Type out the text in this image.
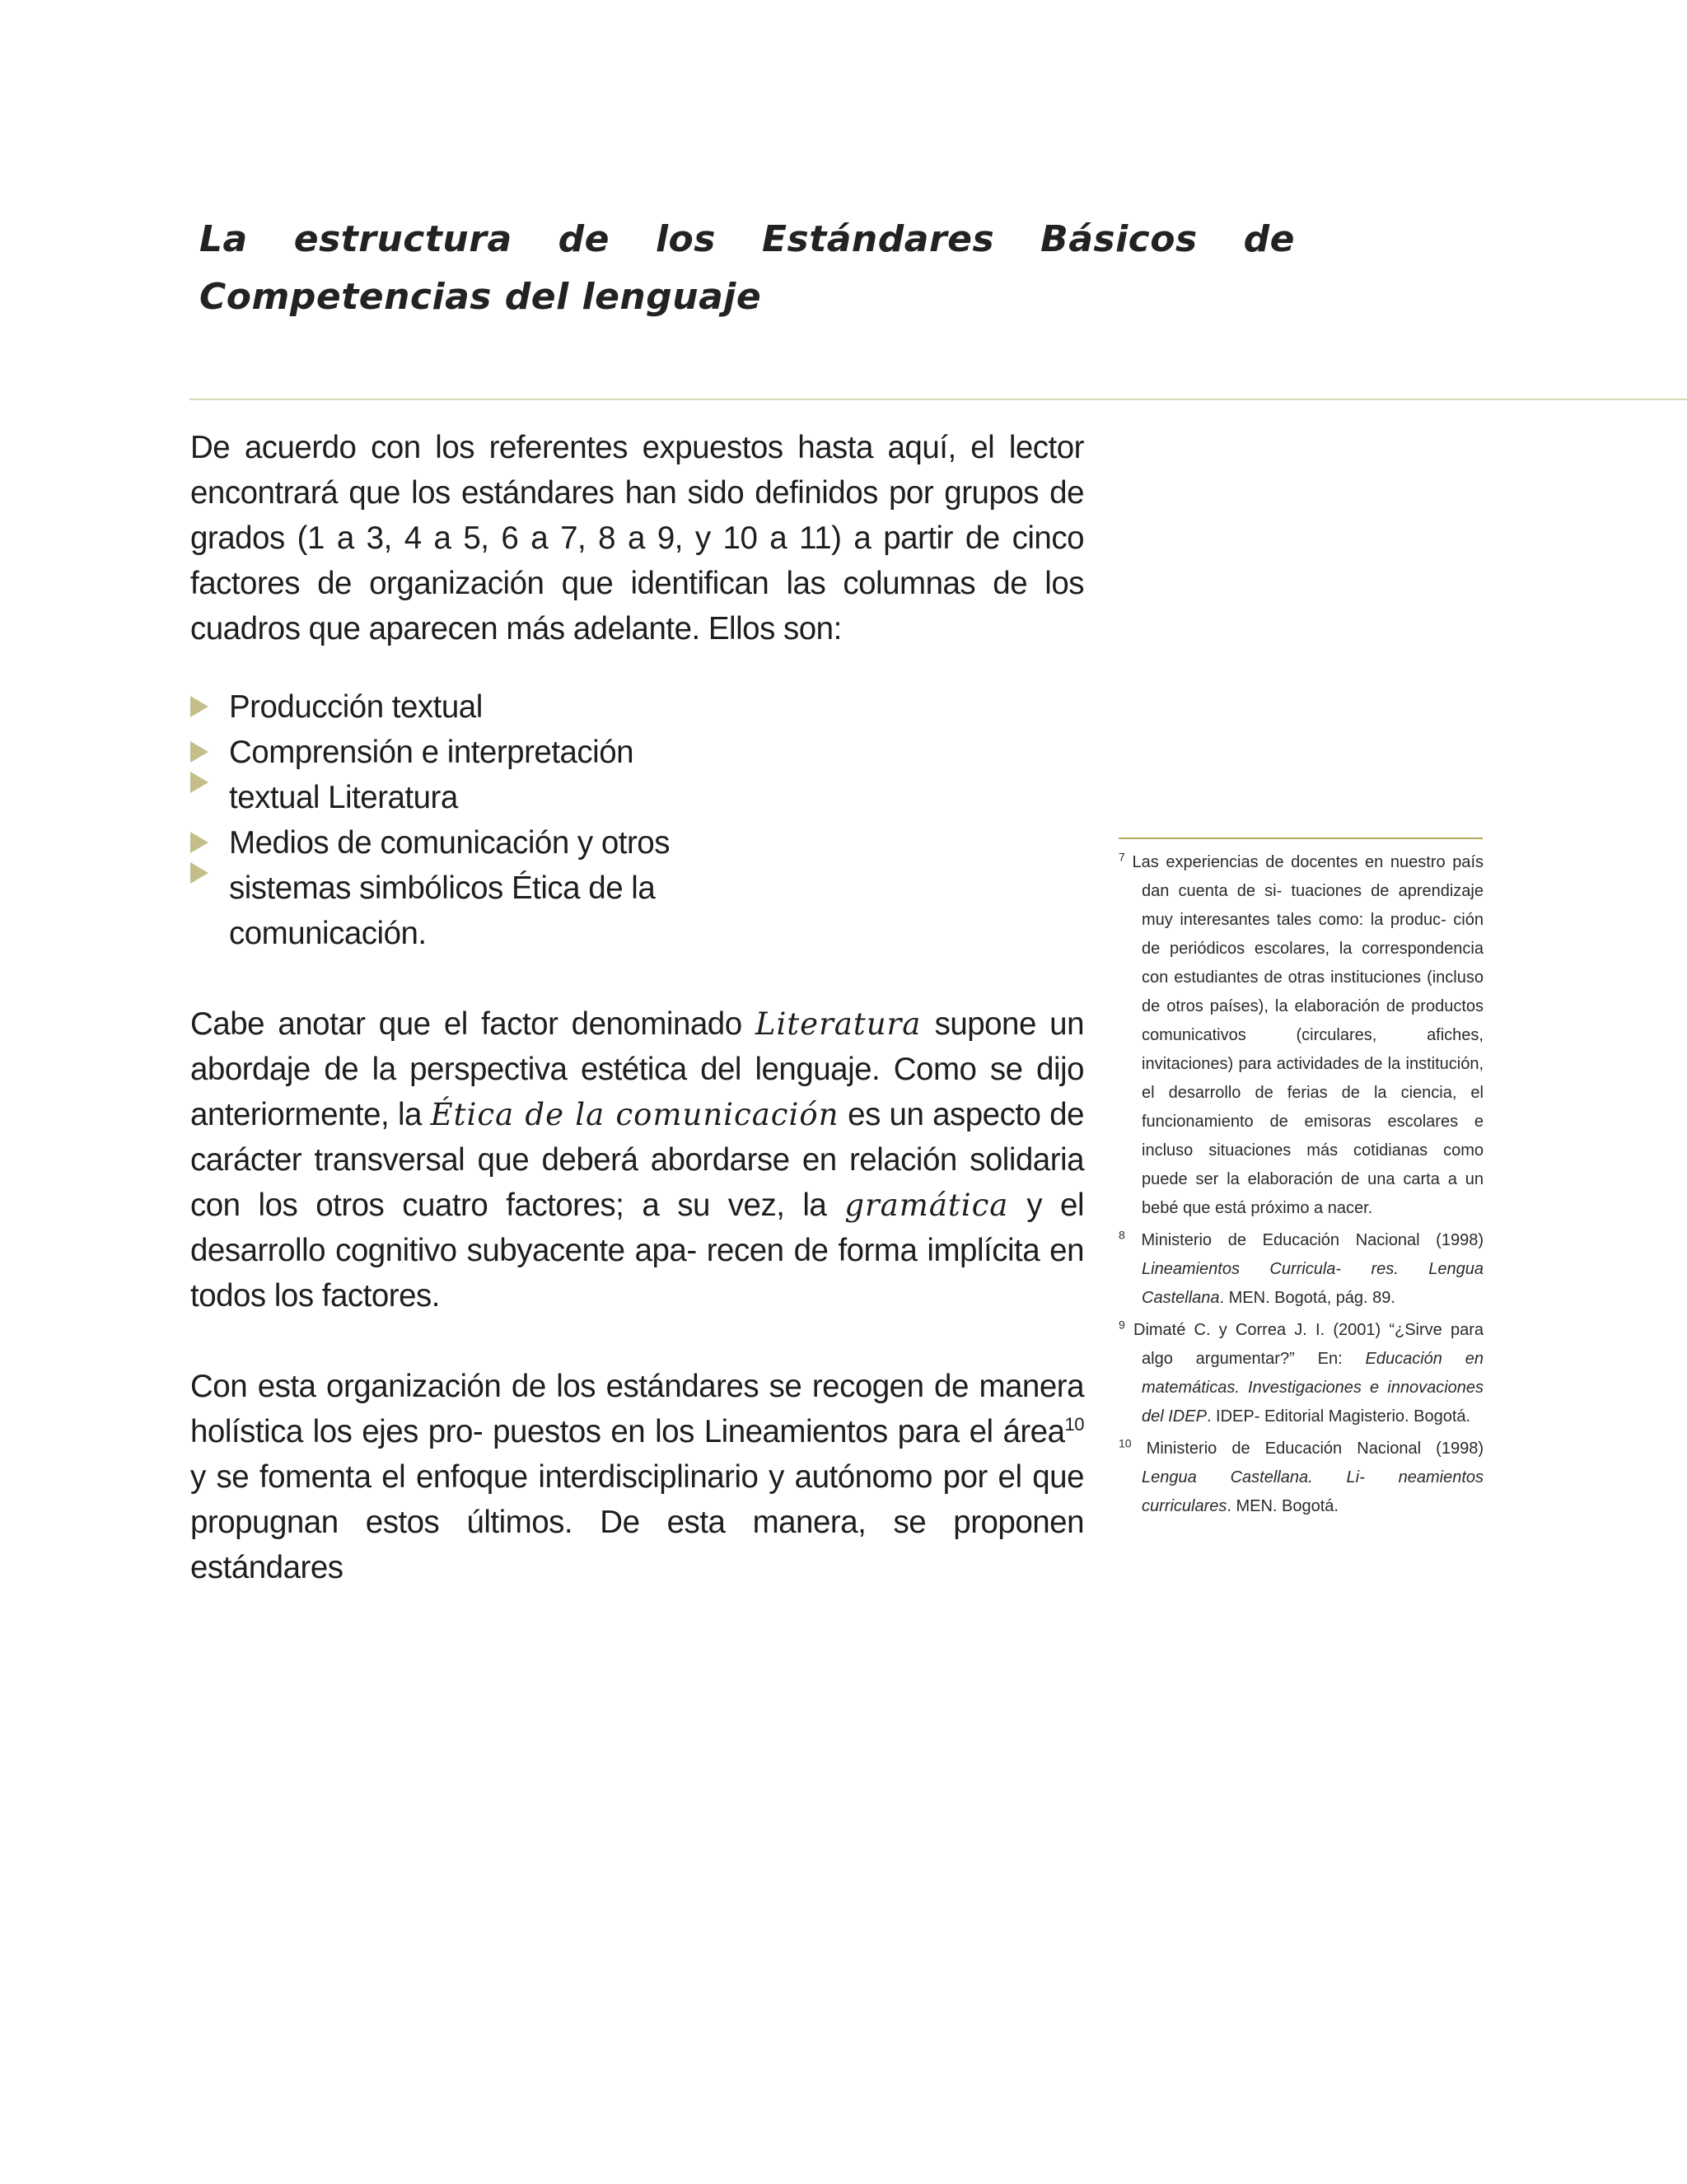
La estructura de los Estándares Básicos de Competencias del lenguaje

De acuerdo con los referentes expuestos hasta aquí, el lector encontrará que los estándares han sido definidos por grupos de grados (1 a 3, 4 a 5, 6 a 7, 8 a 9, y 10 a 11) a partir de cinco factores de organización que identifican las columnas de los cuadros que aparecen más adelante. Ellos son:

Producción textual
Comprensión e interpretación
textual Literatura
Medios de comunicación y otros
sistemas simbólicos Ética de la
comunicación.

Cabe anotar que el factor denominado Literatura supone un abordaje de la perspectiva estética del lenguaje. Como se dijo anteriormente, la Ética de la comunicación es un aspecto de carácter transversal que deberá abordarse en relación solidaria con los otros cuatro factores; a su vez, la gramática y el desarrollo cognitivo subyacente apa- recen de forma implícita en todos los factores.

Con esta organización de los estándares se recogen de manera holística los ejes pro- puestos en los Lineamientos para el área$^{10}$ y se fomenta el enfoque interdisciplinario y autónomo por el que propugnan estos últimos. De esta manera, se proponen estándares

$^7$ Las experiencias de docentes en nuestro país dan cuenta de si- tuaciones de aprendizaje muy interesantes tales como: la produc- ción de periódicos escolares, la correspondencia con estudiantes de otras instituciones (incluso de otros países), la elaboración de productos comunicativos (circulares, afiches, invitaciones) para actividades de la institución, el desarrollo de ferias de la ciencia, el funcionamiento de emisoras escolares e incluso situaciones más cotidianas como puede ser la elaboración de una carta a un bebé que está próximo a nacer.

$^8$ Ministerio de Educación Nacional (1998) Lineamientos Curricula- res. Lengua Castellana. MEN. Bogotá, pág. 89.

$^9$ Dimaté C. y Correa J. I. (2001) “¿Sirve para algo argumentar?” En: Educación en matemáticas. Investigaciones e innovaciones del IDEP. IDEP- Editorial Magisterio. Bogotá.

$^{10}$ Ministerio de Educación Nacional (1998) Lengua Castellana. Li- neamientos curriculares. MEN. Bogotá.
